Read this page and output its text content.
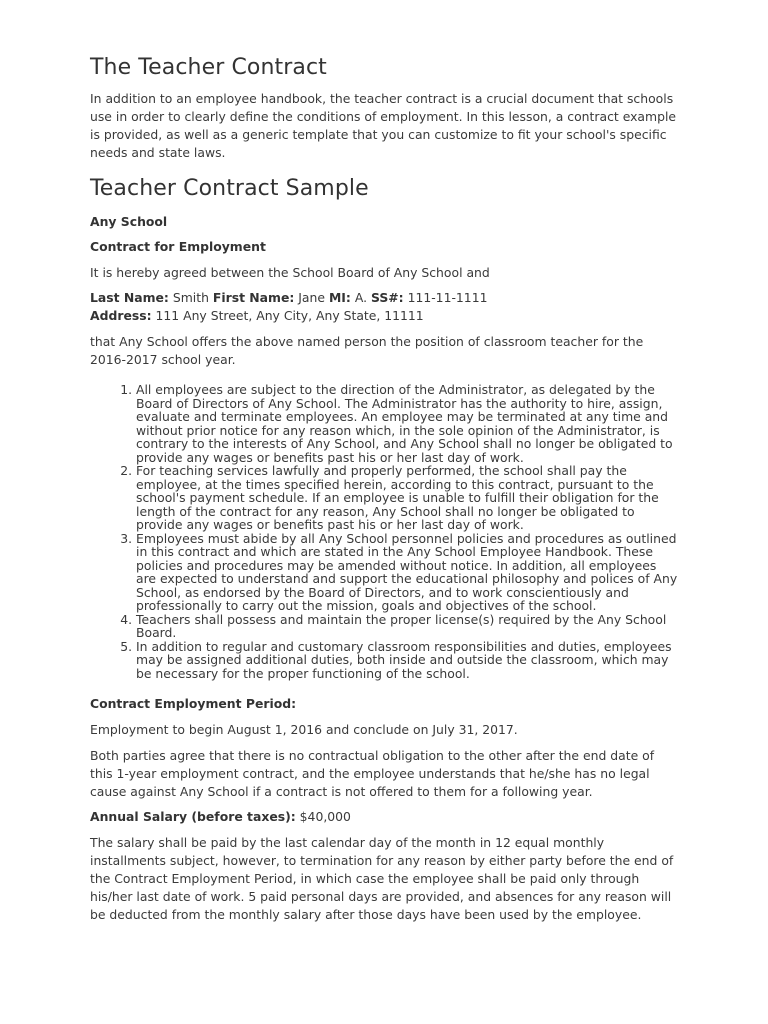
The Teacher Contract

In addition to an employee handbook, the teacher contract is a crucial document that schools use in order to clearly define the conditions of employment. In this lesson, a contract example is provided, as well as a generic template that you can customize to fit your school's specific needs and state laws.

Teacher Contract Sample

Any School

Contract for Employment

It is hereby agreed between the School Board of Any School and

Last Name: Smith First Name: Jane MI: A. SS#: 111-11-1111
Address: 111 Any Street, Any City, Any State, 11111

that Any School offers the above named person the position of classroom teacher for the 2016-2017 school year.

1. All employees are subject to the direction of the Administrator, as delegated by the Board of Directors of Any School. The Administrator has the authority to hire, assign, evaluate and terminate employees. An employee may be terminated at any time and without prior notice for any reason which, in the sole opinion of the Administrator, is contrary to the interests of Any School, and Any School shall no longer be obligated to provide any wages or benefits past his or her last day of work.
2. For teaching services lawfully and properly performed, the school shall pay the employee, at the times specified herein, according to this contract, pursuant to the school's payment schedule. If an employee is unable to fulfill their obligation for the length of the contract for any reason, Any School shall no longer be obligated to provide any wages or benefits past his or her last day of work.
3. Employees must abide by all Any School personnel policies and procedures as outlined in this contract and which are stated in the Any School Employee Handbook. These policies and procedures may be amended without notice. In addition, all employees are expected to understand and support the educational philosophy and polices of Any School, as endorsed by the Board of Directors, and to work conscientiously and professionally to carry out the mission, goals and objectives of the school.
4. Teachers shall possess and maintain the proper license(s) required by the Any School Board.
5. In addition to regular and customary classroom responsibilities and duties, employees may be assigned additional duties, both inside and outside the classroom, which may be necessary for the proper functioning of the school.

Contract Employment Period:

Employment to begin August 1, 2016 and conclude on July 31, 2017.

Both parties agree that there is no contractual obligation to the other after the end date of this 1-year employment contract, and the employee understands that he/she has no legal cause against Any School if a contract is not offered to them for a following year.

Annual Salary (before taxes): $40,000

The salary shall be paid by the last calendar day of the month in 12 equal monthly installments subject, however, to termination for any reason by either party before the end of the Contract Employment Period, in which case the employee shall be paid only through his/her last date of work. 5 paid personal days are provided, and absences for any reason will be deducted from the monthly salary after those days have been used by the employee.
